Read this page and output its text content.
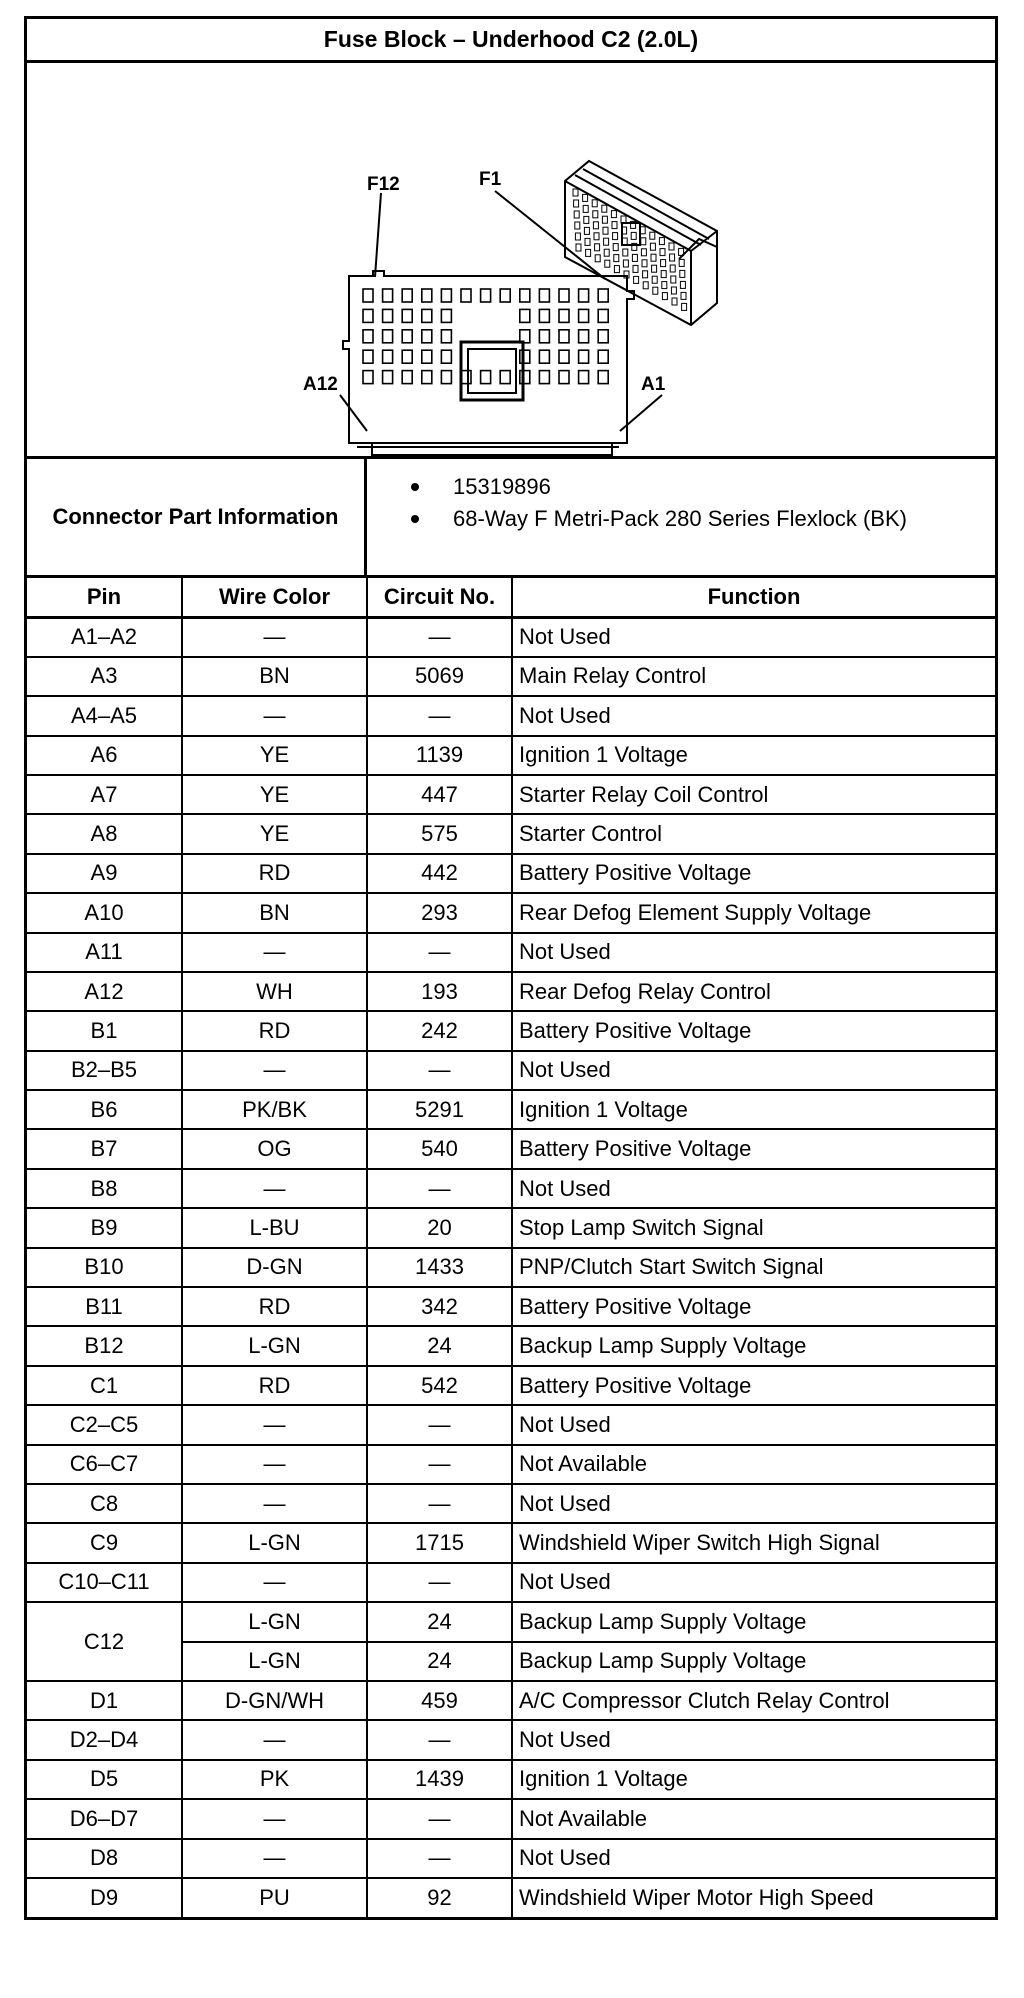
Fuse Block – Underhood C2 (2.0L)
F12	F1
A12	A1
Connector Part Information
15319896
68-Way F Metri-Pack 280 Series Flexlock (BK)
Pin	Wire Color	Circuit No.	Function
A1–A2	—	—	Not Used
A3	BN	5069	Main Relay Control
A4–A5	—	—	Not Used
A6	YE	1139	Ignition 1 Voltage
A7	YE	447	Starter Relay Coil Control
A8	YE	575	Starter Control
A9	RD	442	Battery Positive Voltage
A10	BN	293	Rear Defog Element Supply Voltage
A11	—	—	Not Used
A12	WH	193	Rear Defog Relay Control
B1	RD	242	Battery Positive Voltage
B2–B5	—	—	Not Used
B6	PK/BK	5291	Ignition 1 Voltage
B7	OG	540	Battery Positive Voltage
B8	—	—	Not Used
B9	L-BU	20	Stop Lamp Switch Signal
B10	D-GN	1433	PNP/Clutch Start Switch Signal
B11	RD	342	Battery Positive Voltage
B12	L-GN	24	Backup Lamp Supply Voltage
C1	RD	542	Battery Positive Voltage
C2–C5	—	—	Not Used
C6–C7	—	—	Not Available
C8	—	—	Not Used
C9	L-GN	1715	Windshield Wiper Switch High Signal
C10–C11	—	—	Not Used
C12	L-GN	24	Backup Lamp Supply Voltage
	L-GN	24	Backup Lamp Supply Voltage
D1	D-GN/WH	459	A/C Compressor Clutch Relay Control
D2–D4	—	—	Not Used
D5	PK	1439	Ignition 1 Voltage
D6–D7	—	—	Not Available
D8	—	—	Not Used
D9	PU	92	Windshield Wiper Motor High Speed
